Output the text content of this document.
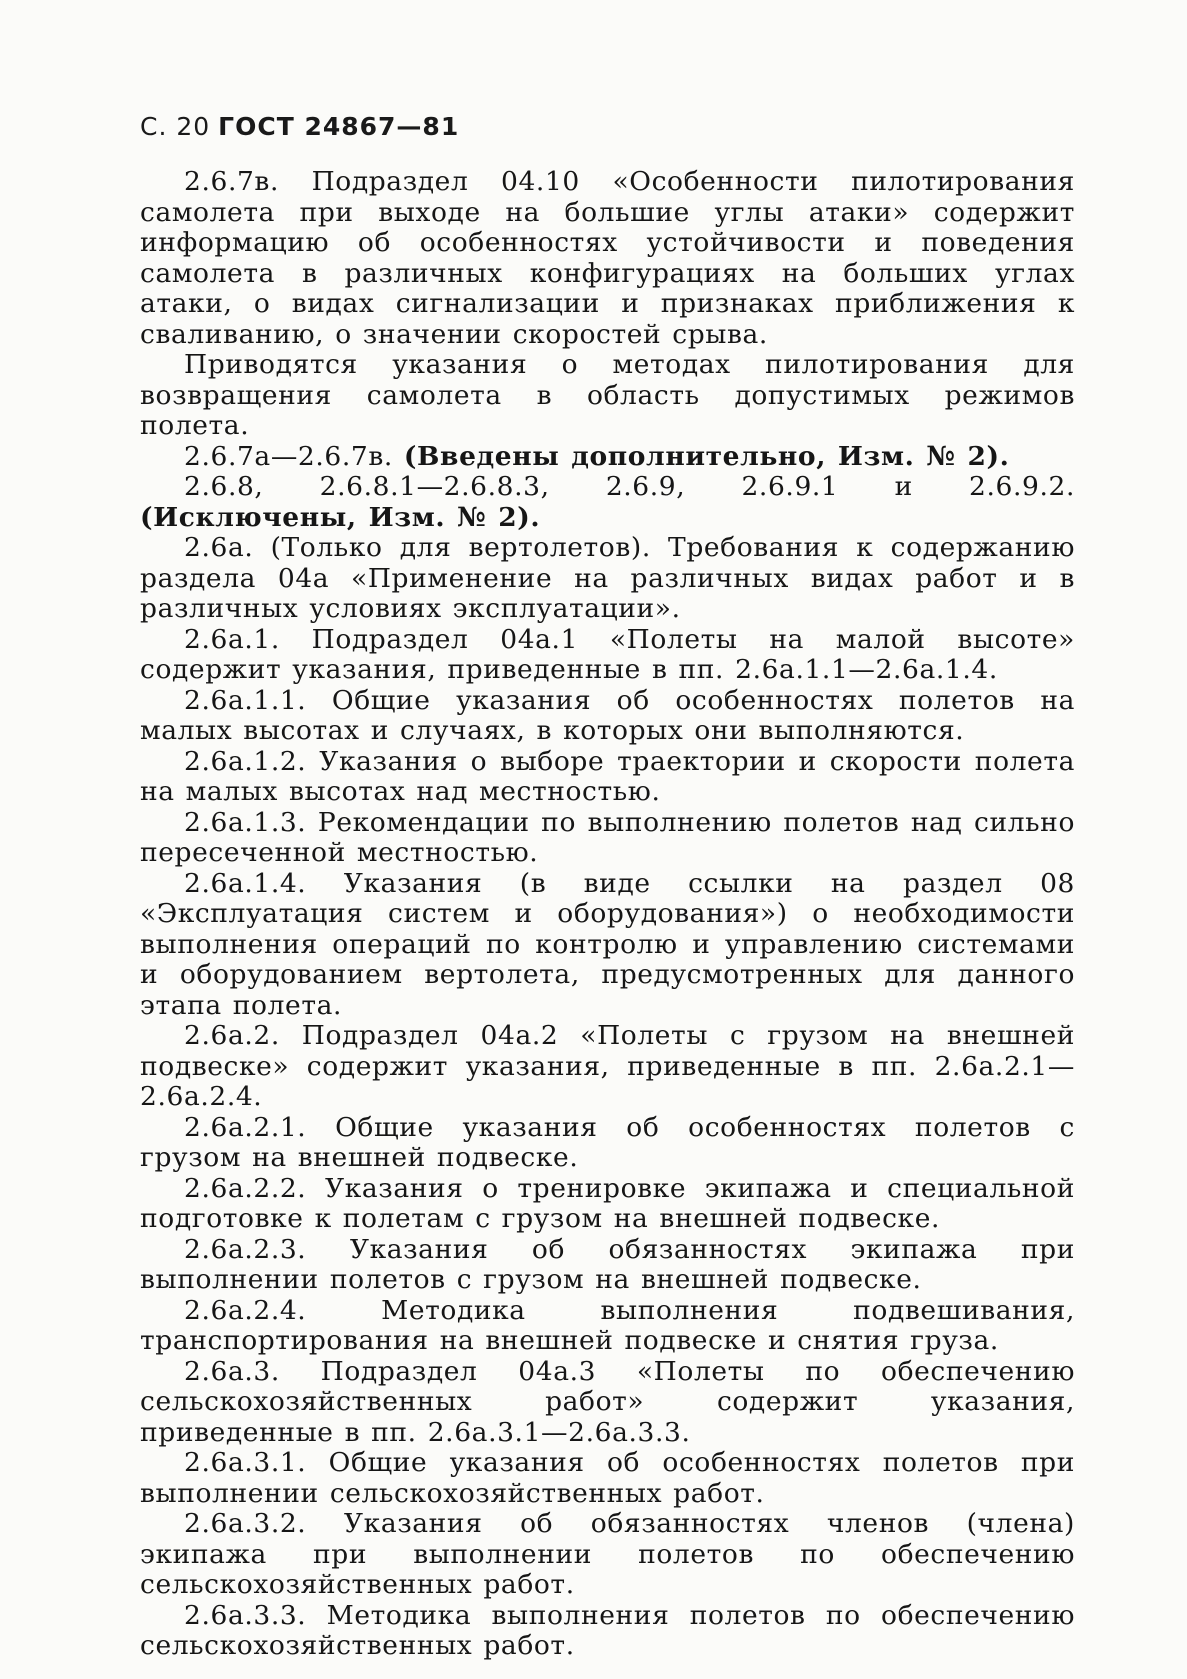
С. 20 ГОСТ 24867—81

2.6.7в. Подраздел 04.10 «Особенности пилотирования самолета при выходе на большие углы атаки» содержит информацию об особенностях устойчивости и поведения самолета в различных конфигурациях на больших углах атаки, о видах сигнализации и признаках приближения к сваливанию, о значении скоростей срыва.

Приводятся указания о методах пилотирования для возвращения самолета в область допустимых режимов полета.

2.6.7а—2.6.7в. (Введены дополнительно, Изм. № 2).

2.6.8, 2.6.8.1—2.6.8.3, 2.6.9, 2.6.9.1 и 2.6.9.2. (Исключены, Изм. № 2).

2.6а. (Только для вертолетов). Требования к содержанию раздела 04а «Применение на различных видах работ и в различных условиях эксплуатации».

2.6а.1. Подраздел 04а.1 «Полеты на малой высоте» содержит указания, приведенные в пп. 2.6а.1.1—2.6а.1.4.

2.6а.1.1. Общие указания об особенностях полетов на малых высотах и случаях, в которых они выполняются.

2.6а.1.2. Указания о выборе траектории и скорости полета на малых высотах над местностью.

2.6а.1.3. Рекомендации по выполнению полетов над сильно пересеченной местностью.

2.6а.1.4. Указания (в виде ссылки на раздел 08 «Эксплуатация систем и оборудования») о необходимости выполнения операций по контролю и управлению системами и оборудованием вертолета, предусмотренных для данного этапа полета.

2.6а.2. Подраздел 04а.2 «Полеты с грузом на внешней подвеске» содержит указания, приведенные в пп. 2.6а.2.1—2.6а.2.4.

2.6а.2.1. Общие указания об особенностях полетов с грузом на внешней подвеске.

2.6а.2.2. Указания о тренировке экипажа и специальной подготовке к полетам с грузом на внешней подвеске.

2.6а.2.3. Указания об обязанностях экипажа при выполнении полетов с грузом на внешней подвеске.

2.6а.2.4. Методика выполнения подвешивания, транспортирования на внешней подвеске и снятия груза.

2.6а.3. Подраздел 04а.3 «Полеты по обеспечению сельскохозяйственных работ» содержит указания, приведенные в пп. 2.6а.3.1—2.6а.3.3.

2.6а.3.1. Общие указания об особенностях полетов при выполнении сельскохозяйственных работ.

2.6а.3.2. Указания об обязанностях членов (члена) экипажа при выполнении полетов по обеспечению сельскохозяйственных работ.

2.6а.3.3. Методика выполнения полетов по обеспечению сельскохозяйственных работ.
